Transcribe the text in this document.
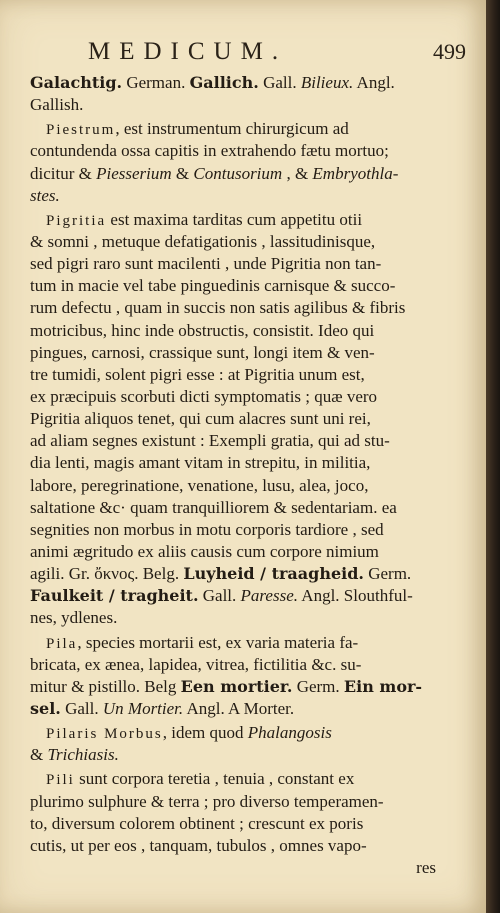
MEDICUM.	499
Galachtig. German. Gallich. Gall. Bilieux. Angl.
Gallish.
Piestrum, est instrumentum chirurgicum ad
contundenda ossa capitis in extrahendo fætu mortuo;
dicitur & Piesserium & Contusorium , & Embryothla-
stes.
Pigritia est maxima tarditas cum appetitu otii
& somni , metuque defatigationis , lassitudinisque,
sed pigri raro sunt macilenti , unde Pigritia non tan-
tum in macie vel tabe pinguedinis carnisque & succo-
rum defectu , quam in succis non satis agilibus & fibris
motricibus, hinc inde obstructis, consistit. Ideo qui
pingues, carnosi, crassique sunt, longi item & ven-
tre tumidi, solent pigri esse : at Pigritia unum est,
ex præcipuis scorbuti dicti symptomatis ; quæ vero
Pigritia aliquos tenet, qui cum alacres sunt uni rei,
ad aliam segnes existunt : Exempli gratia, qui ad stu-
dia lenti, magis amant vitam in strepitu, in militia,
labore, peregrinatione, venatione, lusu, alea, joco,
saltatione &c· quam tranquilliorem & sedentariam. ea
segnities non morbus in motu corporis tardiore , sed
animi ægritudo ex aliis causis cum corpore nimium
agili. Gr. ὄκνος. Belg. Luyheid / traagheid. Germ.
Faulkeit / tragheit. Gall. Paresse. Angl. Slouthful-
nes, ydlenes.
Pila, species mortarii est, ex varia materia fa-
bricata, ex ænea, lapidea, vitrea, fictilitia &c. su-
mitur & pistillo. Belg Een mortier. Germ. Ein mor-
sel. Gall. Un Mortier. Angl. A Morter.
Pilaris Morbus, idem quod Phalangosis
& Trichiasis.
Pili sunt corpora teretia , tenuia , constant ex
plurimo sulphure & terra ; pro diverso temperamen-
to, diversum colorem obtinent ; crescunt ex poris
cutis, ut per eos , tanquam, tubulos , omnes vapo-
res
